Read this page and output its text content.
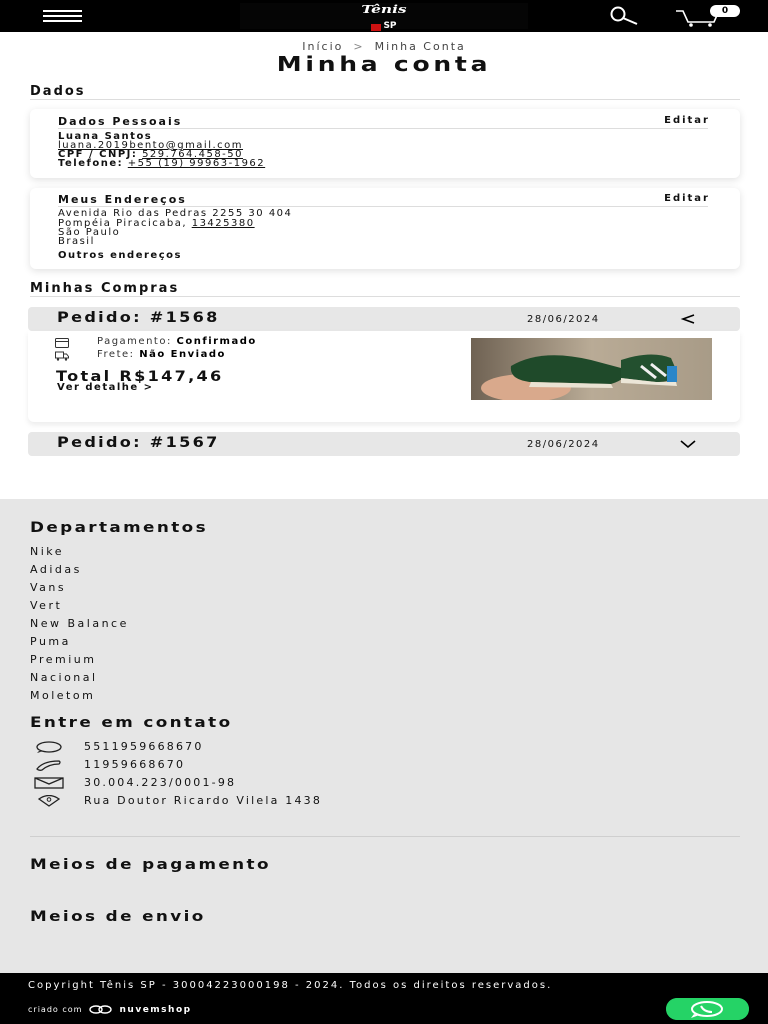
Tênis
SP
0
Início > Minha Conta
Minha conta
Dados
Dados Pessoais	Editar
Luana Santos
luana.2019bento@gmail.com
CPF / CNPJ: 529.764.458-50
Telefone: +55 (19) 99963-1962
Meus Endereços	Editar
Avenida Rio das Pedras 2255 30 404
Pompéia Piracicaba, 13425380
São Paulo
Brasil
Outros endereços
Minhas Compras
Pedido: #1568	28/06/2024
Pagamento: Confirmado
Frete: Não Enviado
Total R$147,46
Ver detalhe >
Pedido: #1567	28/06/2024
Departamentos
Nike
Adidas
Vans
Vert
New Balance
Puma
Premium
Nacional
Moletom
Entre em contato
5511959668670
11959668670
30.004.223/0001-98
Rua Doutor Ricardo Vilela 1438
Meios de pagamento
Meios de envio
Copyright Tênis SP - 30004223000198 - 2024. Todos os direitos reservados.
criado com	nuvemshop
